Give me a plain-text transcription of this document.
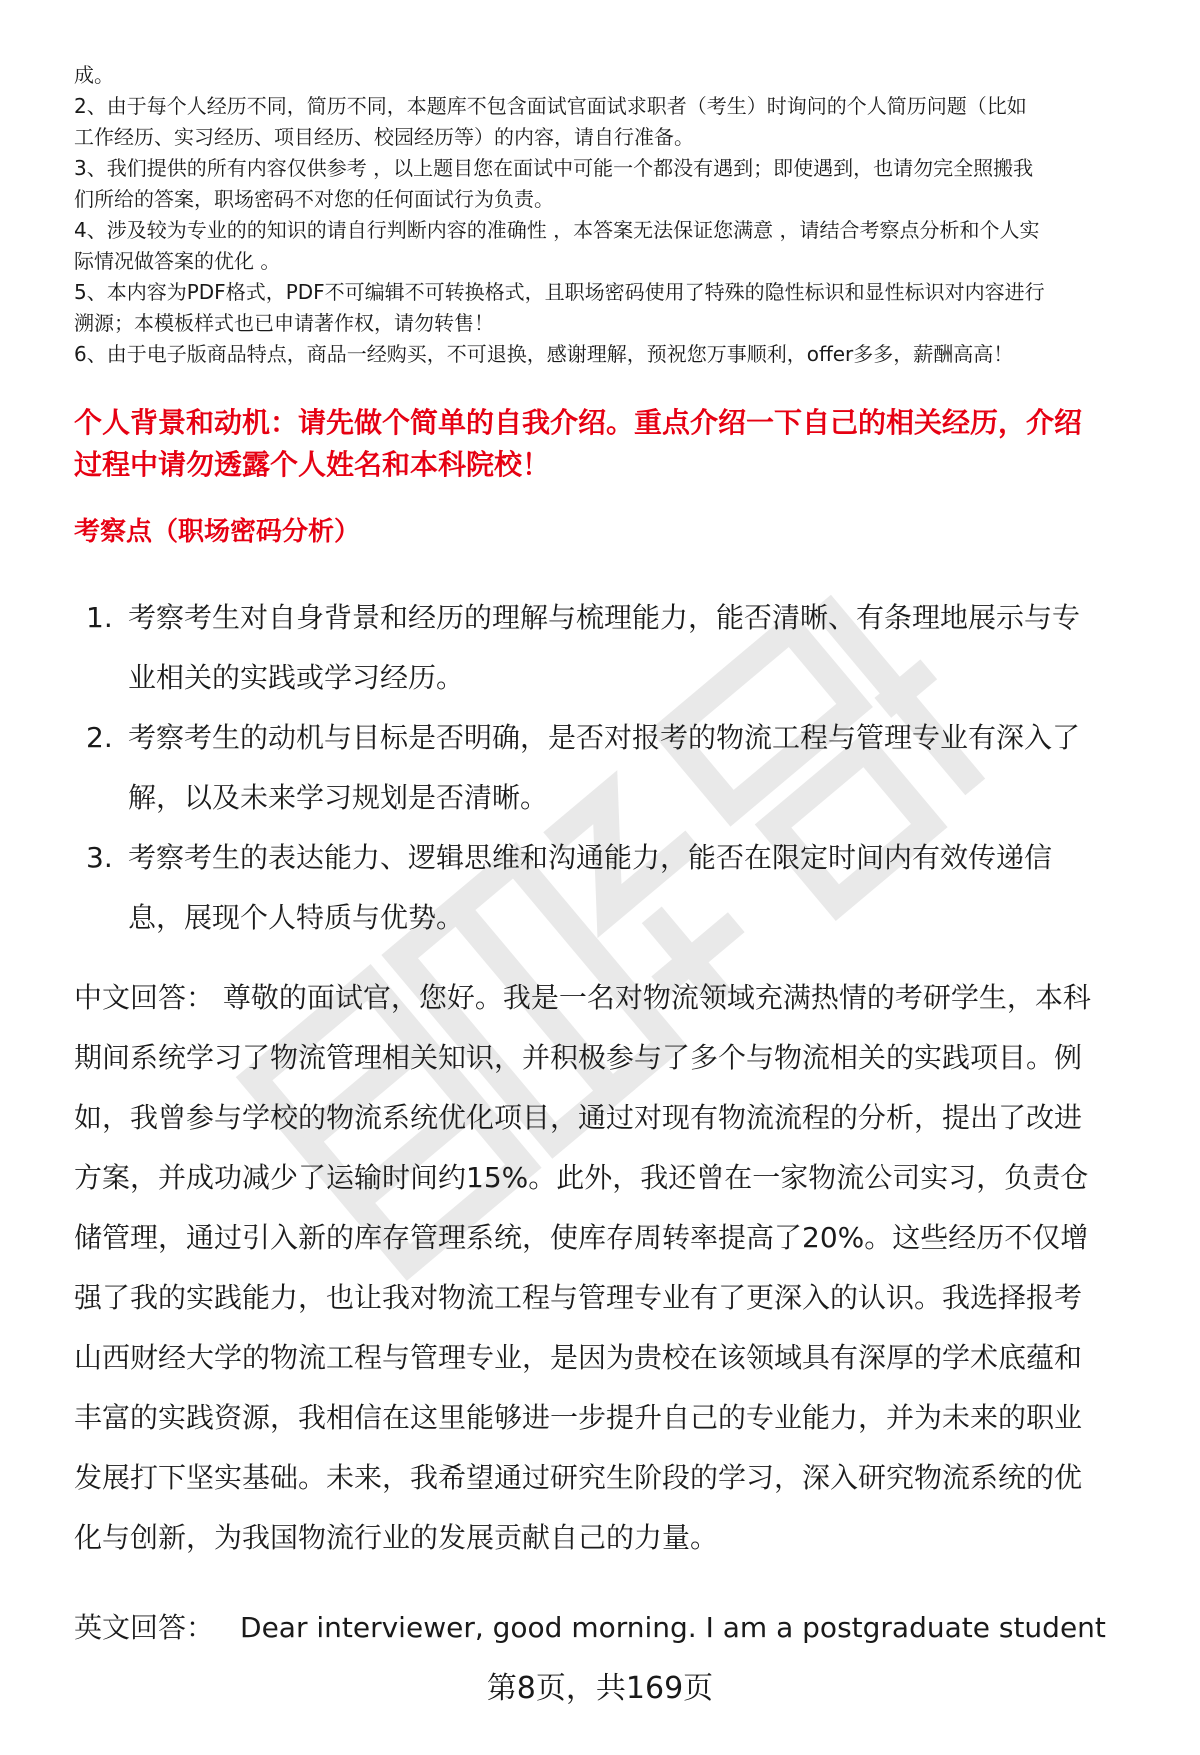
成。
2、由于每个人经历不同，简历不同，本题库不包含面试官面试求职者（考生）时询问的个人简历问题（比如
工作经历、实习经历、项目经历、校园经历等）的内容，请自行准备。
3、我们提供的所有内容仅供参考 ，以上题目您在面试中可能一个都没有遇到；即使遇到，也请勿完全照搬我
们所给的答案，职场密码不对您的任何面试行为负责。
4、涉及较为专业的的知识的请自行判断内容的准确性 ，本答案无法保证您满意 ，请结合考察点分析和个人实
际情况做答案的优化 。
5、本内容为PDF格式，PDF不可编辑不可转换格式，且职场密码使用了特殊的隐性标识和显性标识对内容进行
溯源；本模板样式也已申请著作权，请勿转售！
6、由于电子版商品特点，商品一经购买，不可退换，感谢理解，预祝您万事顺利，offer多多，薪酬高高！
个人背景和动机：请先做个简单的自我介绍。重点介绍一下自己的相关经历，介绍
过程中请勿透露个人姓名和本科院校！
考察点（职场密码分析）
1. 考察考生对自身背景和经历的理解与梳理能力，能否清晰、有条理地展示与专
业相关的实践或学习经历。
2. 考察考生的动机与目标是否明确，是否对报考的物流工程与管理专业有深入了
解，以及未来学习规划是否清晰。
3. 考察考生的表达能力、逻辑思维和沟通能力，能否在限定时间内有效传递信
息，展现个人特质与优势。
中文回答： 尊敬的面试官，您好。我是一名对物流领域充满热情的考研学生，本科
期间系统学习了物流管理相关知识，并积极参与了多个与物流相关的实践项目。例
如，我曾参与学校的物流系统优化项目，通过对现有物流流程的分析，提出了改进
方案，并成功减少了运输时间约15%。此外，我还曾在一家物流公司实习，负责仓
储管理，通过引入新的库存管理系统，使库存周转率提高了20%。这些经历不仅增
强了我的实践能力，也让我对物流工程与管理专业有了更深入的认识。我选择报考
山西财经大学的物流工程与管理专业，是因为贵校在该领域具有深厚的学术底蕴和
丰富的实践资源，我相信在这里能够进一步提升自己的专业能力，并为未来的职业
发展打下坚实基础。未来，我希望通过研究生阶段的学习，深入研究物流系统的优
化与创新，为我国物流行业的发展贡献自己的力量。
英文回答： Dear interviewer, good morning. I am a postgraduate student
第8页，共169页
